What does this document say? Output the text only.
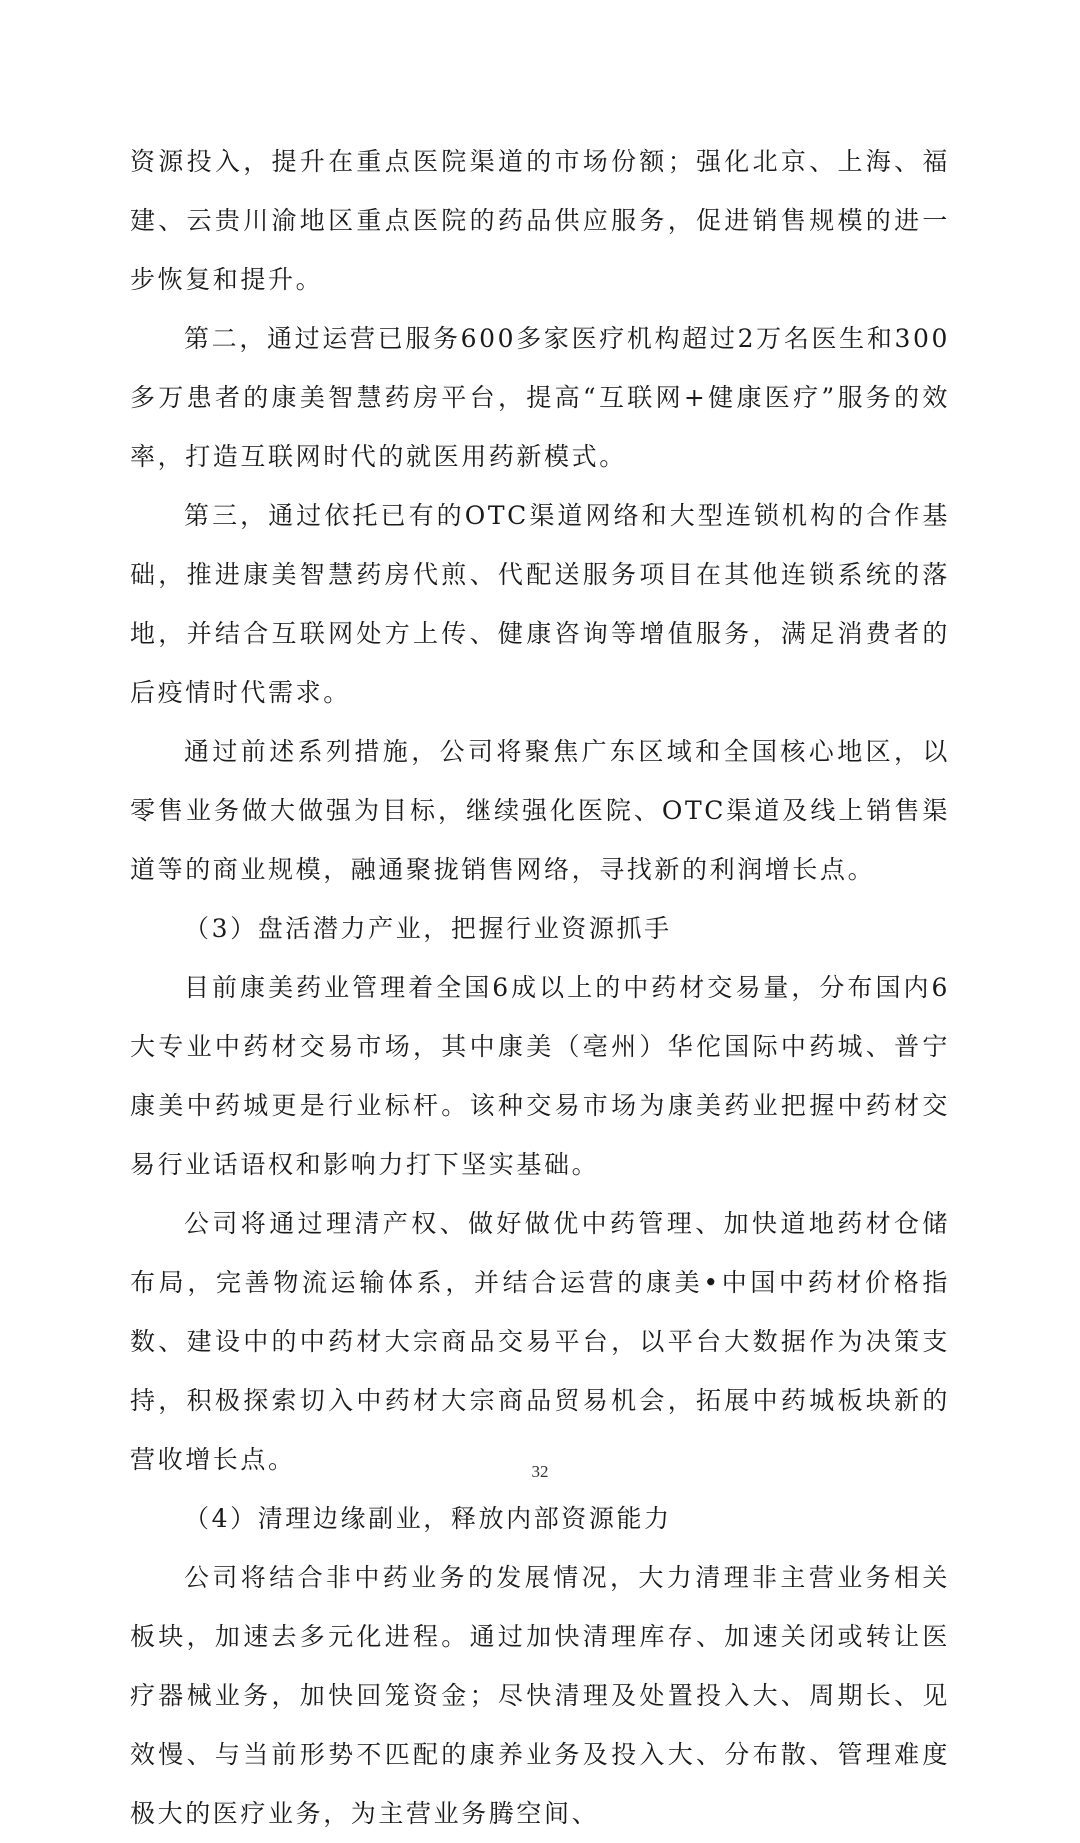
资源投入，提升在重点医院渠道的市场份额；强化北京、上海、福建、云贵川渝地区重点医院的药品供应服务，促进销售规模的进一步恢复和提升。

第二，通过运营已服务600多家医疗机构超过2万名医生和300多万患者的康美智慧药房平台，提高“互联网+健康医疗”服务的效率，打造互联网时代的就医用药新模式。

第三，通过依托已有的OTC渠道网络和大型连锁机构的合作基础，推进康美智慧药房代煎、代配送服务项目在其他连锁系统的落地，并结合互联网处方上传、健康咨询等增值服务，满足消费者的后疫情时代需求。

通过前述系列措施，公司将聚焦广东区域和全国核心地区，以零售业务做大做强为目标，继续强化医院、OTC渠道及线上销售渠道等的商业规模，融通聚拢销售网络，寻找新的利润增长点。

（3）盘活潜力产业，把握行业资源抓手

目前康美药业管理着全国6成以上的中药材交易量，分布国内6大专业中药材交易市场，其中康美（亳州）华佗国际中药城、普宁康美中药城更是行业标杆。该种交易市场为康美药业把握中药材交易行业话语权和影响力打下坚实基础。

公司将通过理清产权、做好做优中药管理、加快道地药材仓储布局，完善物流运输体系，并结合运营的康美•中国中药材价格指数、建设中的中药材大宗商品交易平台，以平台大数据作为决策支持，积极探索切入中药材大宗商品贸易机会，拓展中药城板块新的营收增长点。

（4）清理边缘副业，释放内部资源能力

公司将结合非中药业务的发展情况，大力清理非主营业务相关板块，加速去多元化进程。通过加快清理库存、加速关闭或转让医疗器械业务，加快回笼资金；尽快清理及处置投入大、周期长、见效慢、与当前形势不匹配的康养业务及投入大、分布散、管理难度极大的医疗业务，为主营业务腾空间、

32
